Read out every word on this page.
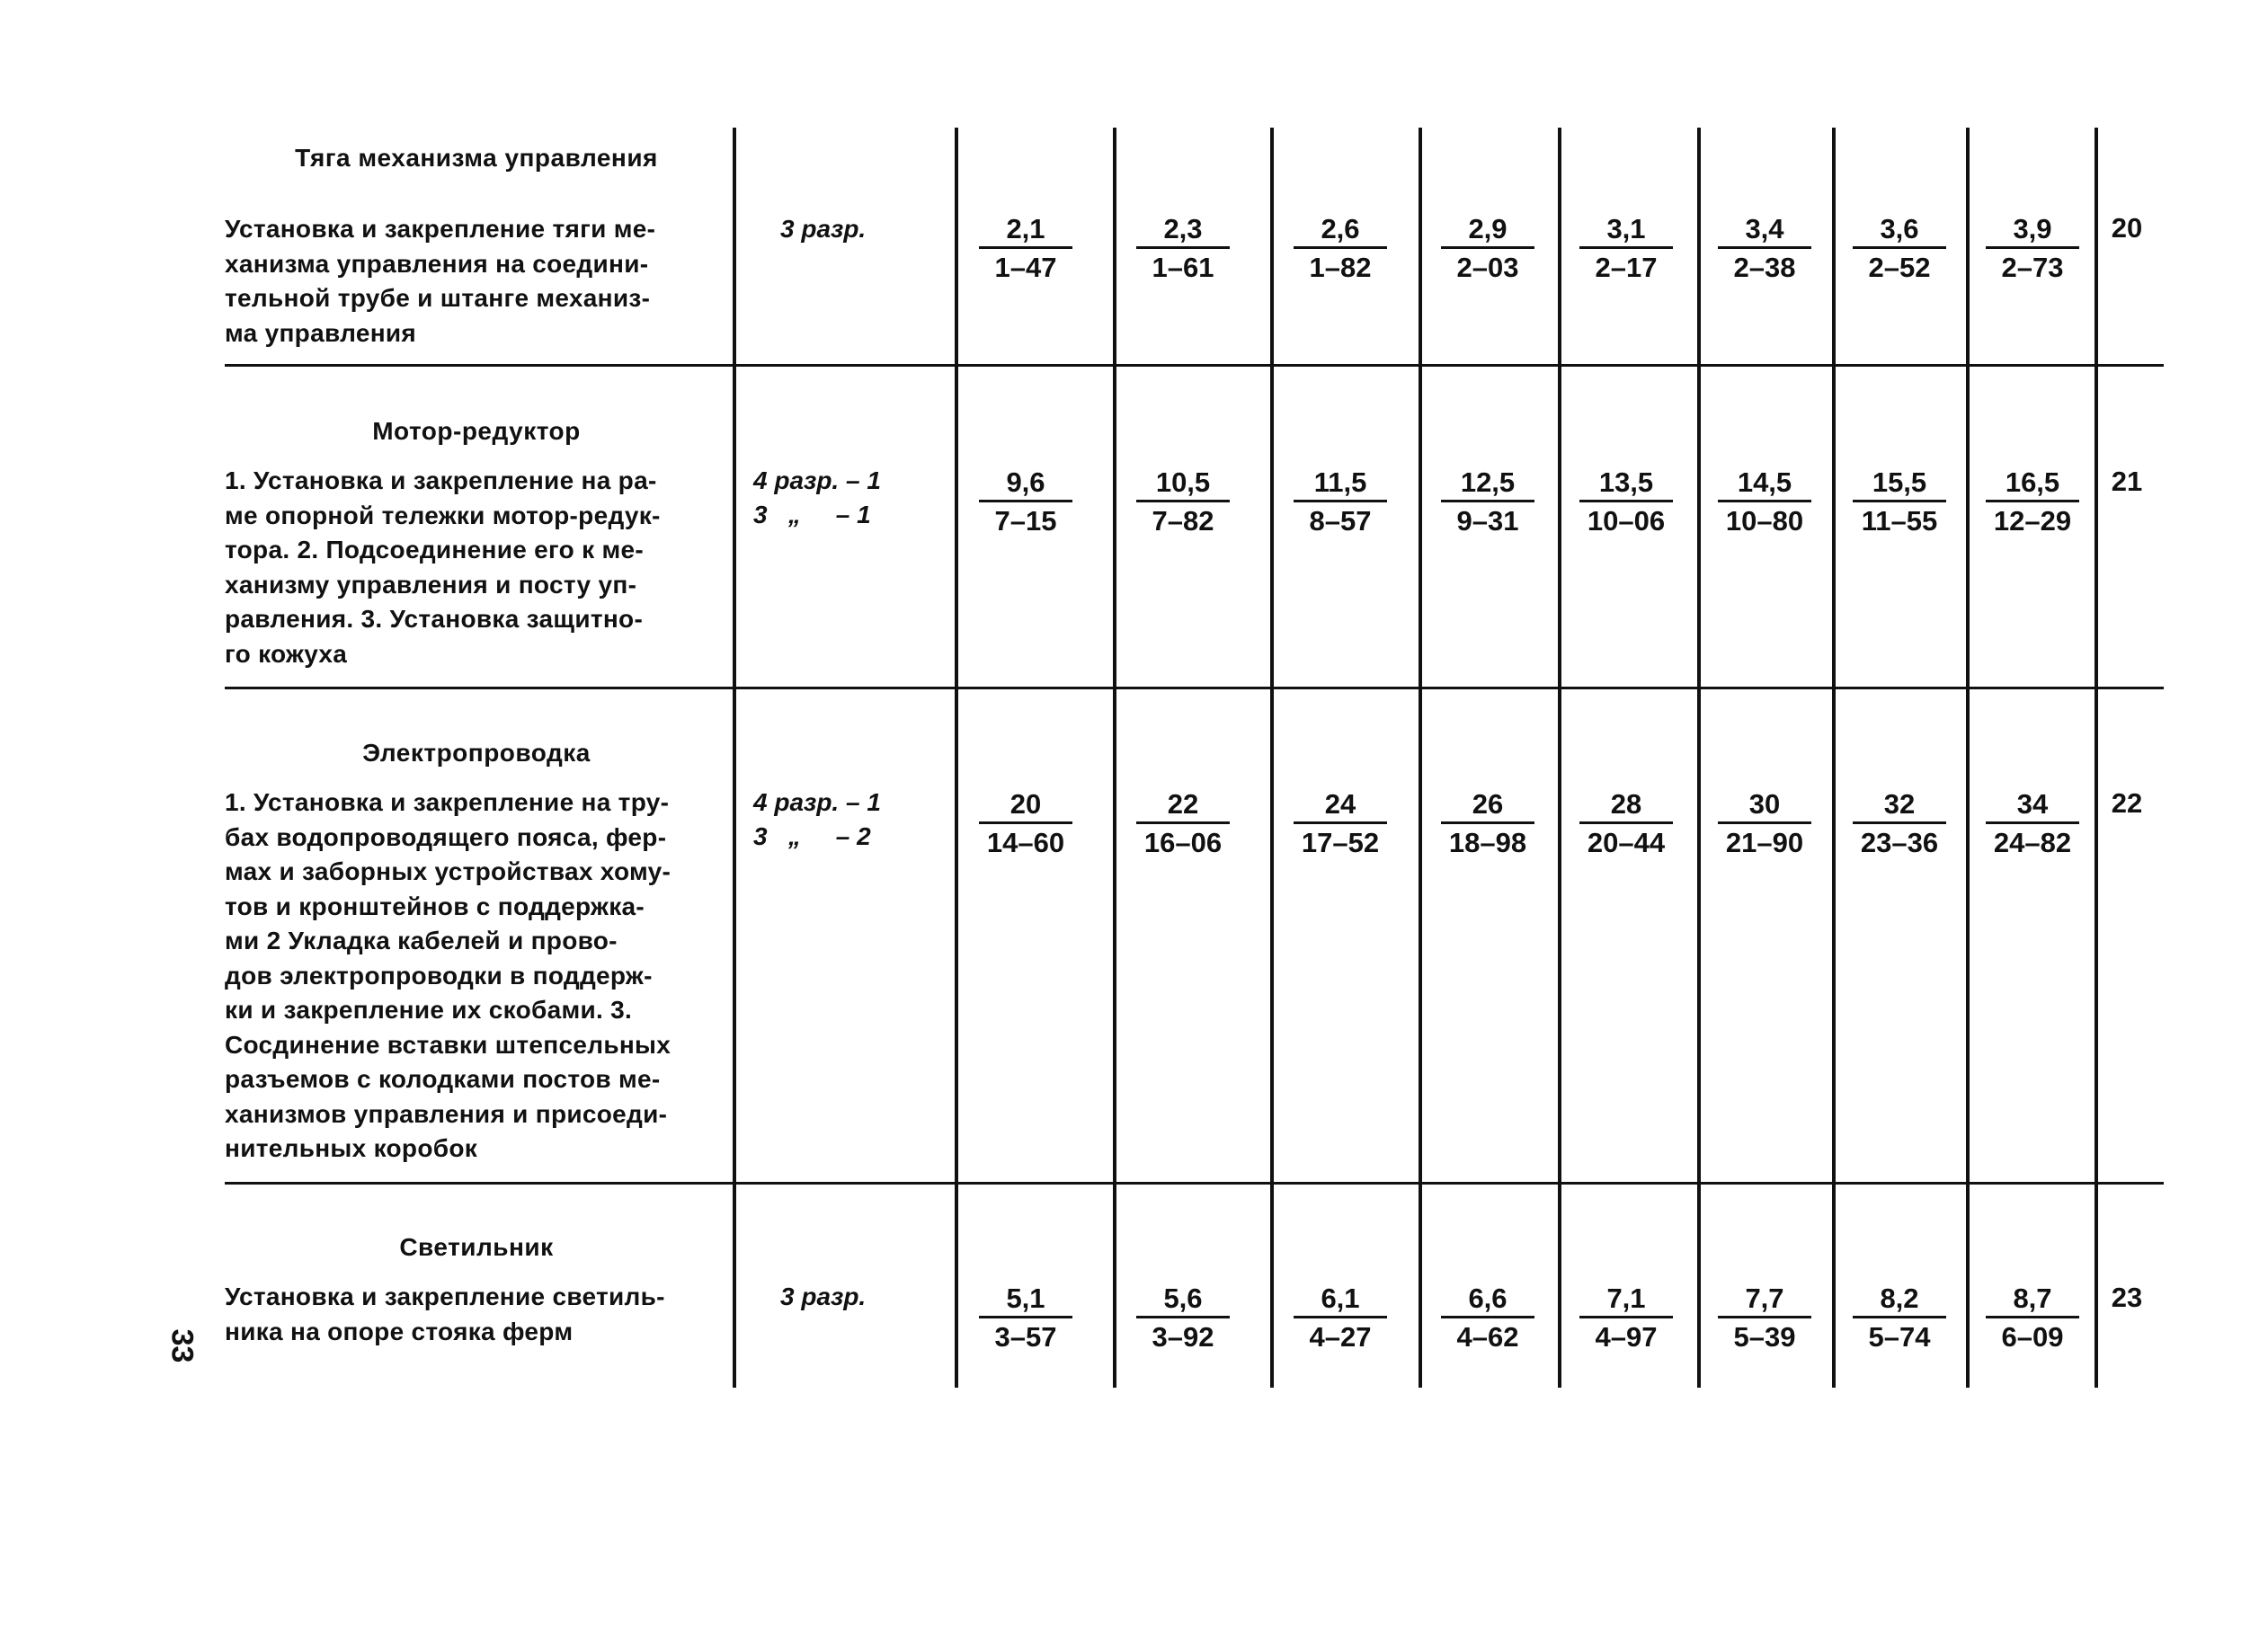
Тяга механизма управления
Установка и закрепление тяги ме-
ханизма управления на соедини-
тельной трубе и штанге механиз-
ма управления
3 разр.	$\frac{2,1}{1-47} \frac{2,3}{1-61} \frac{2,6}{1-82} \frac{2,9}{2-03} \frac{3,1}{2-17} \frac{3,4}{2-38} \frac{3,6}{2-52} \frac{3,9}{2-73}$	20
Мотор-редуктор
1. Установка и закрепление на ра-
ме опорной тележки мотор-редук-
тора. 2. Подсоединение его к ме-
ханизму управления и посту уп-
равления. 3. Установка защитно-
го кожуха
4 разр. – 1
3   „     – 1	$\frac{9,6}{7-15} \frac{10,5}{7-82} \frac{11,5}{8-57} \frac{12,5}{9-31} \frac{13,5}{10-06} \frac{14,5}{10-80} \frac{15,5}{11-55} \frac{16,5}{12-29}$	21
Электропроводка
1. Установка и закрепление на тру-
бах водопроводящего пояса, фер-
мах и заборных устройствах хому-
тов и кронштейнов с поддержка-
ми 2 Укладка кабелей и прово-
дов электропроводки в поддерж-
ки и закрепление их скобами. 3.
Сосдинение вставки штепсельных
разъемов с колодками постов ме-
ханизмов управления и присоеди-
нительных коробок
4 разр. – 1
3   „     – 2	$\frac{20}{14-60} \frac{22}{16-06} \frac{24}{17-52} \frac{26}{18-98} \frac{28}{20-44} \frac{30}{21-90} \frac{32}{23-36} \frac{34}{24-82}$	22
Светильник
Установка и закрепление светиль-
ника на опоре стояка ферм
3 разр.	$\frac{5,1}{3-57} \frac{5,6}{3-92} \frac{6,1}{4-27} \frac{6,6}{4-62} \frac{7,1}{4-97} \frac{7,7}{5-39} \frac{8,2}{5-74} \frac{8,7}{6-09}$	23
33
